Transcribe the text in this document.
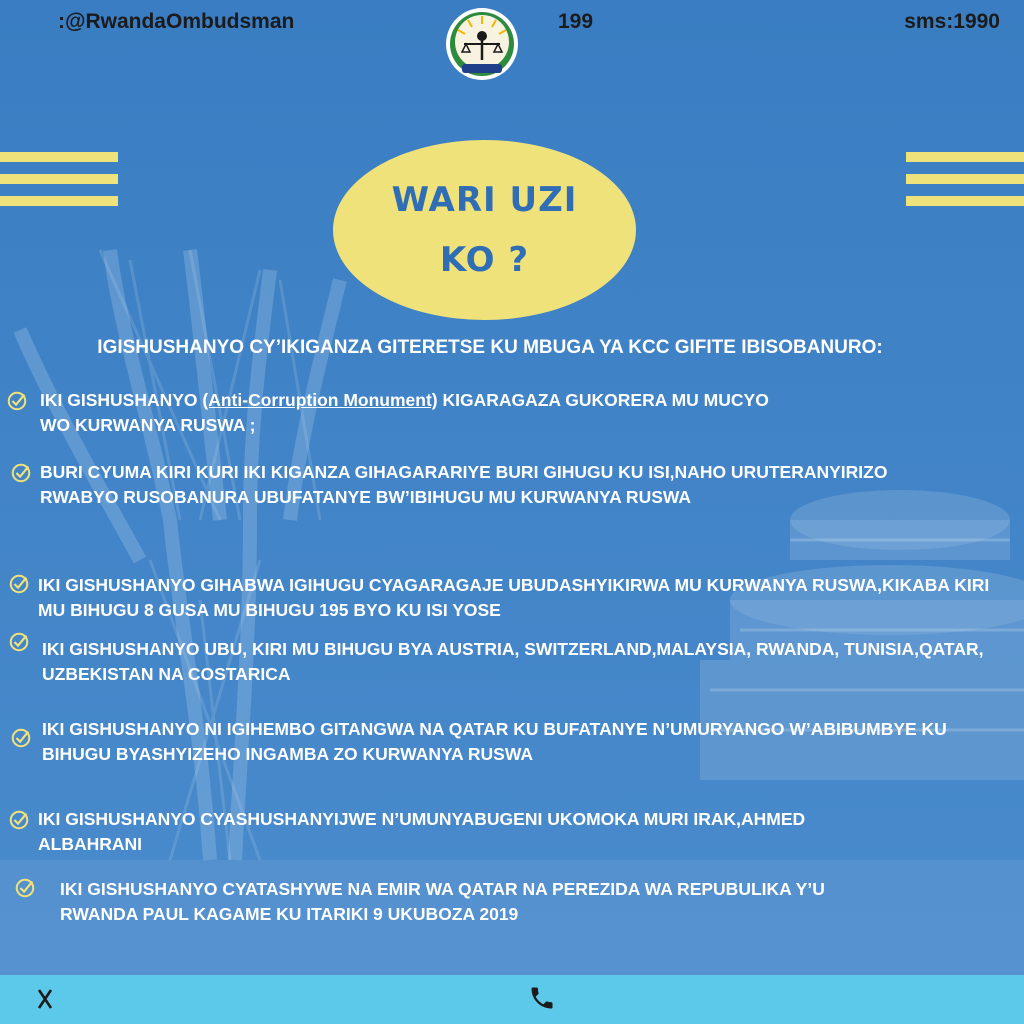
WARI UZI
KO ?
IGISHUSHANYO CY’IKIGANZA GITERETSE KU MBUGA YA KCC GIFITE IBISOBANURO:
IKI GISHUSHANYO (Anti-Corruption Monument) KIGARAGAZA GUKORERA MU MUCYO WO KURWANYA RUSWA ;
BURI CYUMA KIRI KURI IKI KIGANZA GIHAGARARIYE BURI GIHUGU KU ISI,NAHO URUTERANYIRIZO RWABYO RUSOBANURA UBUFATANYE BW’IBIHUGU MU KURWANYA RUSWA
IKI GISHUSHANYO GIHABWA IGIHUGU CYAGARAGAJE UBUDASHYIKIRWA MU KURWANYA RUSWA,KIKABA KIRI MU BIHUGU 8 GUSA MU BIHUGU 195 BYO KU ISI YOSE
IKI GISHUSHANYO UBU, KIRI MU BIHUGU BYA AUSTRIA, SWITZERLAND,MALAYSIA, RWANDA, TUNISIA,QATAR, UZBEKISTAN NA COSTARICA
IKI GISHUSHANYO NI IGIHEMBO GITANGWA NA QATAR KU BUFATANYE N’UMURYANGO W’ABIBUMBYE KU BIHUGU BYASHYIZEHO INGAMBA ZO KURWANYA RUSWA
IKI GISHUSHANYO CYASHUSHANYIJWE N’UMUNYABUGENI UKOMOKA MURI IRAK,AHMED ALBAHRANI
IKI GISHUSHANYO CYATASHYWE NA EMIR WA QATAR NA PEREZIDA WA REPUBULIKA Y’U RWANDA PAUL KAGAME KU ITARIKI 9 UKUBOZA 2019
:@RwandaOmbudsman	199	sms:1990
